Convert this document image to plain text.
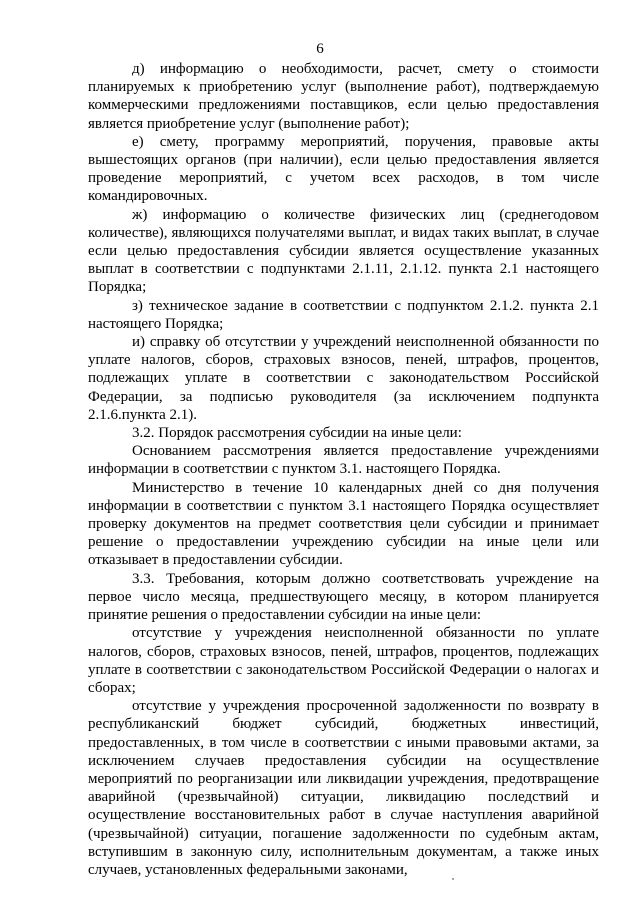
6

д) информацию о необходимости, расчет, смету о стоимости планируемых к приобретению услуг (выполнение работ), подтверждаемую коммерческими предложениями поставщиков, если целью предоставления является приобретение услуг (выполнение работ);

е) смету, программу мероприятий, поручения, правовые акты вышестоящих органов (при наличии), если целью предоставления является проведение мероприятий, с учетом всех расходов, в том числе командировочных.

ж) информацию о количестве физических лиц (среднегодовом количестве), являющихся получателями выплат, и видах таких выплат, в случае если целью предоставления субсидии является осуществление указанных выплат в соответствии с подпунктами 2.1.11, 2.1.12. пункта 2.1 настоящего Порядка;

з) техническое задание в соответствии с подпунктом 2.1.2. пункта 2.1 настоящего Порядка;

и) справку об отсутствии у учреждений неисполненной обязанности по уплате налогов, сборов, страховых взносов, пеней, штрафов, процентов, подлежащих уплате в соответствии с законодательством Российской Федерации, за подписью руководителя (за исключением подпункта 2.1.6.пункта 2.1).

3.2. Порядок рассмотрения субсидии на иные цели:

Основанием рассмотрения является предоставление учреждениями информации в соответствии с пунктом 3.1. настоящего Порядка.

Министерство в течение 10 календарных дней со дня получения информации в соответствии с пунктом 3.1 настоящего Порядка осуществляет проверку документов на предмет соответствия цели субсидии и принимает решение о предоставлении учреждению субсидии на иные цели или отказывает в предоставлении субсидии.

3.3. Требования, которым должно соответствовать учреждение на первое число месяца, предшествующего месяцу, в котором планируется принятие решения о предоставлении субсидии на иные цели:

отсутствие у учреждения неисполненной обязанности по уплате налогов, сборов, страховых взносов, пеней, штрафов, процентов, подлежащих уплате в соответствии с законодательством Российской Федерации о налогах и сборах;

отсутствие у учреждения просроченной задолженности по возврату в республиканский бюджет субсидий, бюджетных инвестиций, предоставленных, в том числе в соответствии с иными правовыми актами, за исключением случаев предоставления субсидии на осуществление мероприятий по реорганизации или ликвидации учреждения, предотвращение аварийной (чрезвычайной) ситуации, ликвидацию последствий и осуществление восстановительных работ в случае наступления аварийной (чрезвычайной) ситуации, погашение задолженности по судебным актам, вступившим в законную силу, исполнительным документам, а также иных случаев, установленных федеральными законами,
